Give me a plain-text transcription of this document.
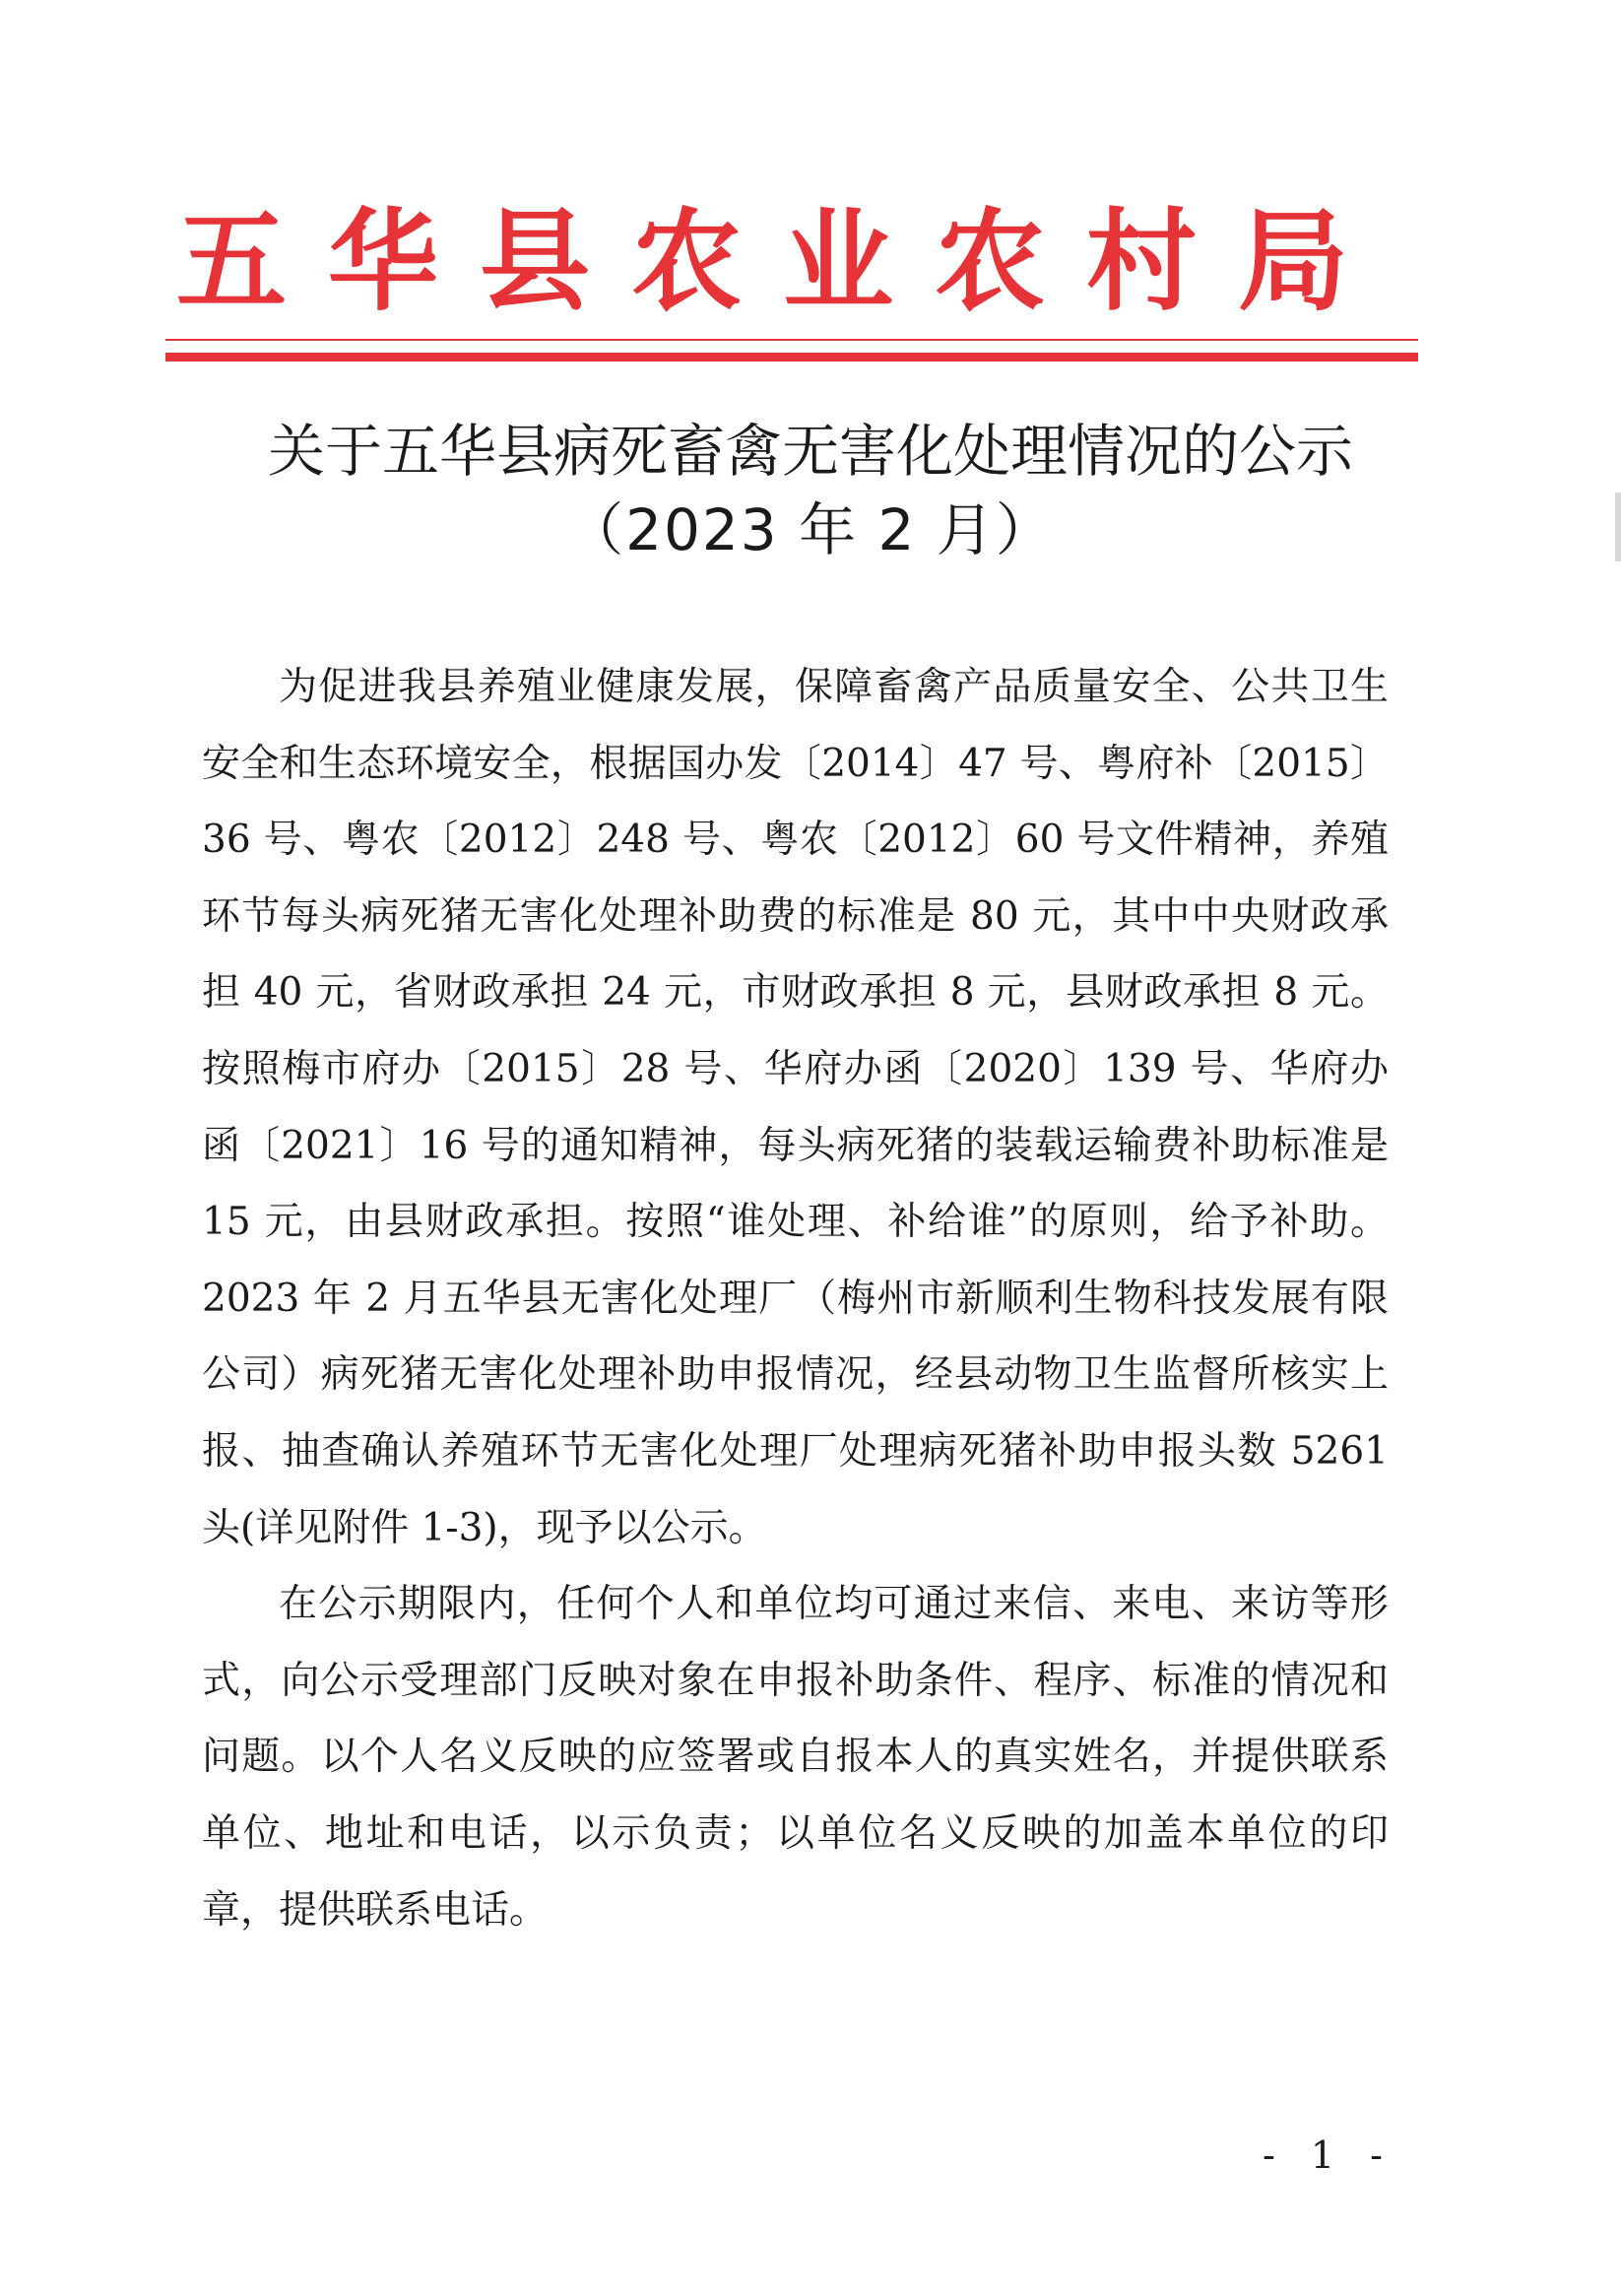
五华县农业农村局
关于五华县病死畜禽无害化处理情况的公示
（2023 年 2 月）

为促进我县养殖业健康发展，保障畜禽产品质量安全、公共卫生安全和生态环境安全，根据国办发〔2014〕47 号、粤府补〔2015〕36 号、粤农〔2012〕248 号、粤农〔2012〕60 号文件精神，养殖环节每头病死猪无害化处理补助费的标准是 80 元，其中中央财政承担 40 元，省财政承担 24 元，市财政承担 8 元，县财政承担 8 元。按照梅市府办〔2015〕28 号、华府办函〔2020〕139 号、华府办函〔2021〕16 号的通知精神，每头病死猪的装载运输费补助标准是 15 元，由县财政承担。按照“谁处理、补给谁”的原则，给予补助。2023 年 2 月五华县无害化处理厂（梅州市新顺利生物科技发展有限公司）病死猪无害化处理补助申报情况，经县动物卫生监督所核实上报、抽查确认养殖环节无害化处理厂处理病死猪补助申报头数 5261 头(详见附件 1-3)，现予以公示。

在公示期限内，任何个人和单位均可通过来信、来电、来访等形式，向公示受理部门反映对象在申报补助条件、程序、标准的情况和问题。以个人名义反映的应签署或自报本人的真实姓名，并提供联系单位、地址和电话，以示负责；以单位名义反映的加盖本单位的印章，提供联系电话。

- 1 -
